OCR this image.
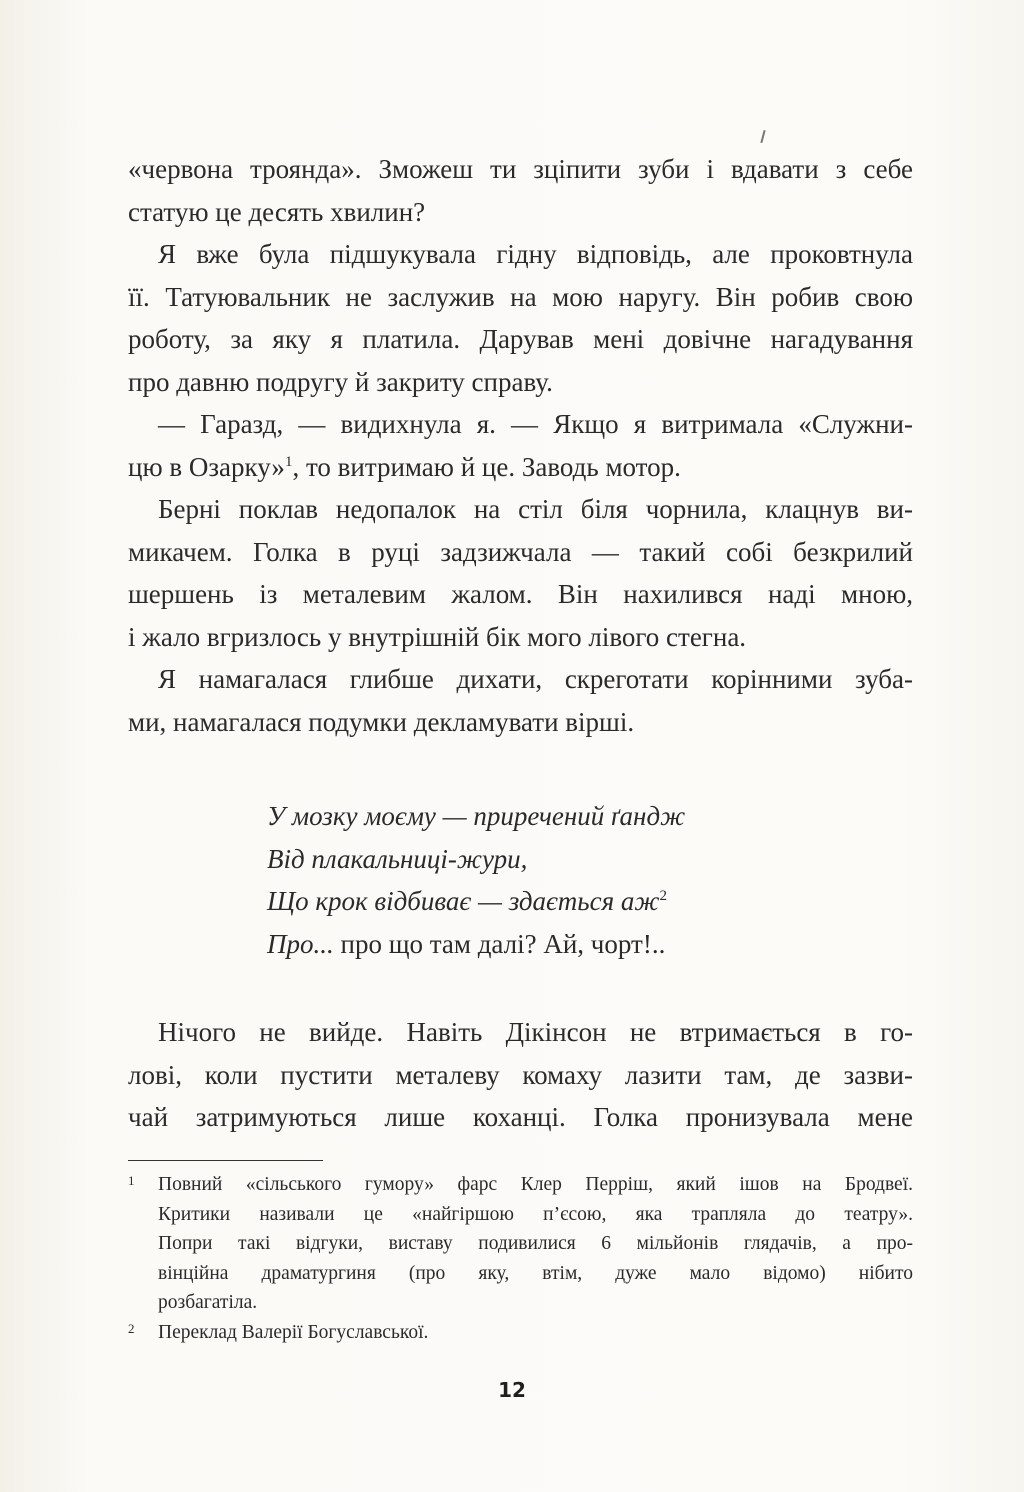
«червона троянда». Зможеш ти зціпити зуби і вдавати з себе
статую це десять хвилин?

Я вже була підшукувала гідну відповідь, але проковтнула
її. Татуювальник не заслужив на мою наругу. Він робив свою
роботу, за яку я платила. Дарував мені довічне нагадування
про давню подругу й закриту справу.

— Гаразд, — видихнула я. — Якщо я витримала «Служни-
цю в Озарку»$^1$, то витримаю й це. Заводь мотор.

Берні поклав недопалок на стіл біля чорнила, клацнув ви-
микачем. Голка в руці задзижчала — такий собі безкрилий
шершень із металевим жалом. Він нахилився наді мною,
і жало вгризлось у внутрішній бік мого лівого стегна.

Я намагалася глибше дихати, скреготати корінними зуба-
ми, намагалася подумки декламувати вірші.

У мозку моєму — приречений ґандж
Від плакальниці-жури,
Що крок відбиває — здається $аж^2$
Про... про що там далі? Ай, чорт!..
Нічого не вийде. Навіть Дікінсон не втримається в го-
лові, коли пустити металеву комаху лазити там, де зазви-
чай затримуються лише коханці. Голка пронизувала мене
1 Повний «сільського гумору» фарс Клер Перріш, який ішов на Бродвеї.
Критики називали це «найгіршою п’єсою, яка трапляла до театру».
Попри такі відгуки, виставу подивилися 6 мільйонів глядачів, а про-
вінційна драматургиня (про яку, втім, дуже мало відомо) нібито
розбагатіла.
2 Переклад Валерії Богуславської.
12
